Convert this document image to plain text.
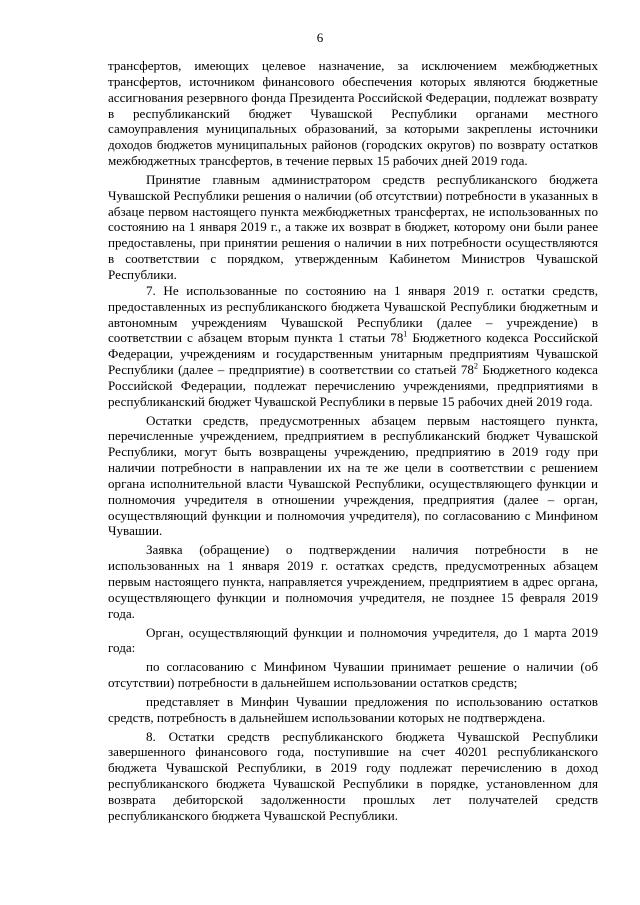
6

трансфертов, имеющих целевое назначение, за исключением межбюджетных трансфертов, источником финансового обеспечения которых являются бюджетные ассигнования резервного фонда Президента Российской Федерации, подлежат возврату в республиканский бюджет Чувашской Республики органами местного самоуправления муниципальных образований, за которыми закреплены источники доходов бюджетов муниципальных районов (городских округов) по возврату остатков межбюджетных трансфертов, в течение первых 15 рабочих дней 2019 года.

Принятие главным администратором средств республиканского бюджета Чувашской Республики решения о наличии (об отсутствии) потребности в указанных в абзаце первом настоящего пункта межбюджетных трансфертах, не использованных по состоянию на 1 января 2019 г., а также их возврат в бюджет, которому они были ранее предоставлены, при принятии решения о наличии в них потребности осуществляются в соответствии с порядком, утвержденным Кабинетом Министров Чувашской Республики.

7. Не использованные по состоянию на 1 января 2019 г. остатки средств, предоставленных из республиканского бюджета Чувашской Республики бюджетным и автономным учреждениям Чувашской Республики (далее – учреждение) в соответствии с абзацем вторым пункта 1 статьи $78^1$ Бюджетного кодекса Российской Федерации, учреждениям и государственным унитарным предприятиям Чувашской Республики (далее – предприятие) в соответствии со статьей $78^2$ Бюджетного кодекса Российской Федерации, подлежат перечислению учреждениями, предприятиями в республиканский бюджет Чувашской Республики в первые 15 рабочих дней 2019 года.

Остатки средств, предусмотренных абзацем первым настоящего пункта, перечисленные учреждением, предприятием в республиканский бюджет Чувашской Республики, могут быть возвращены учреждению, предприятию в 2019 году при наличии потребности в направлении их на те же цели в соответствии с решением органа исполнительной власти Чувашской Республики, осуществляющего функции и полномочия учредителя в отношении учреждения, предприятия (далее – орган, осуществляющий функции и полномочия учредителя), по согласованию с Минфином Чувашии.

Заявка (обращение) о подтверждении наличия потребности в не использованных на 1 января 2019 г. остатках средств, предусмотренных абзацем первым настоящего пункта, направляется учреждением, предприятием в адрес органа, осуществляющего функции и полномочия учредителя, не позднее 15 февраля 2019 года.

Орган, осуществляющий функции и полномочия учредителя, до 1 марта 2019 года:

по согласованию с Минфином Чувашии принимает решение о наличии (об отсутствии) потребности в дальнейшем использовании остатков средств;

представляет в Минфин Чувашии предложения по использованию остатков средств, потребность в дальнейшем использовании которых не подтверждена.

8. Остатки средств республиканского бюджета Чувашской Республики завершенного финансового года, поступившие на счет 40201 республиканского бюджета Чувашской Республики, в 2019 году подлежат перечислению в доход республиканского бюджета Чувашской Республики в порядке, установленном для возврата дебиторской задолженности прошлых лет получателей средств республиканского бюджета Чувашской Республики.
